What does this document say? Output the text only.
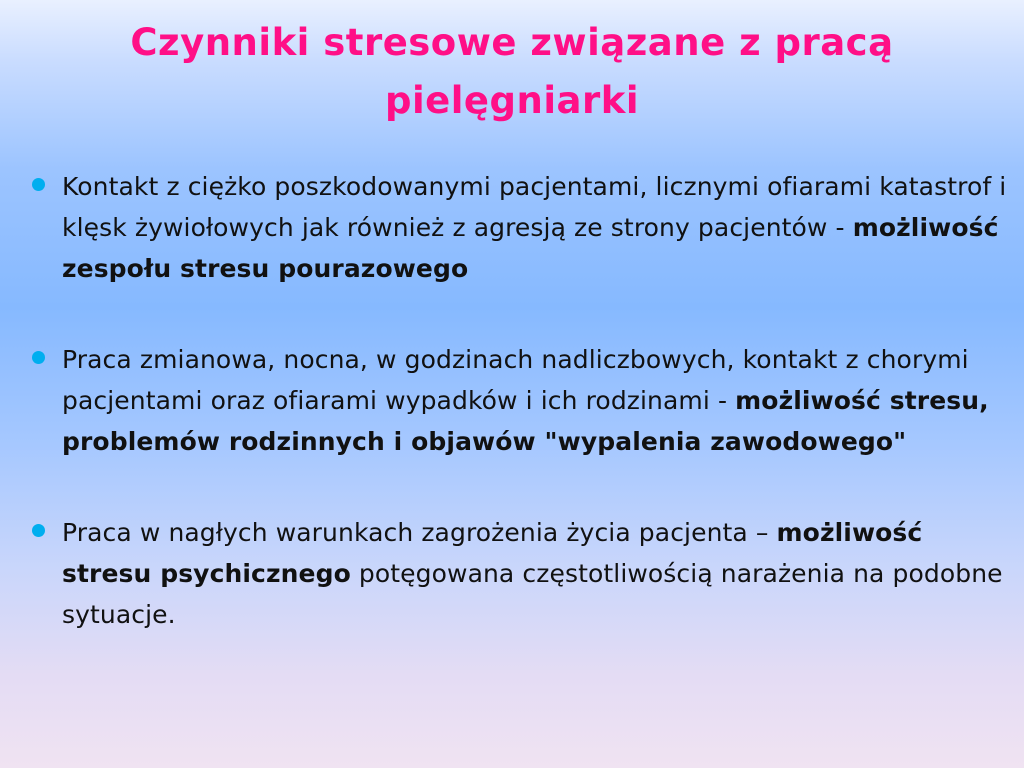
Czynniki stresowe związane z pracą
pielęgniarki
Kontakt z ciężko poszkodowanymi pacjentami, licznymi ofiarami katastrof i klęsk żywiołowych jak również z agresją ze strony pacjentów - możliwość zespołu stresu pourazowego
Praca zmianowa, nocna, w godzinach nadliczbowych, kontakt z chorymi pacjentami oraz ofiarami wypadków i ich rodzinami - możliwość stresu, problemów rodzinnych i objawów "wypalenia zawodowego"
Praca w nagłych warunkach zagrożenia życia pacjenta – możliwość stresu psychicznego potęgowana częstotliwością narażenia na podobne sytuacje.
